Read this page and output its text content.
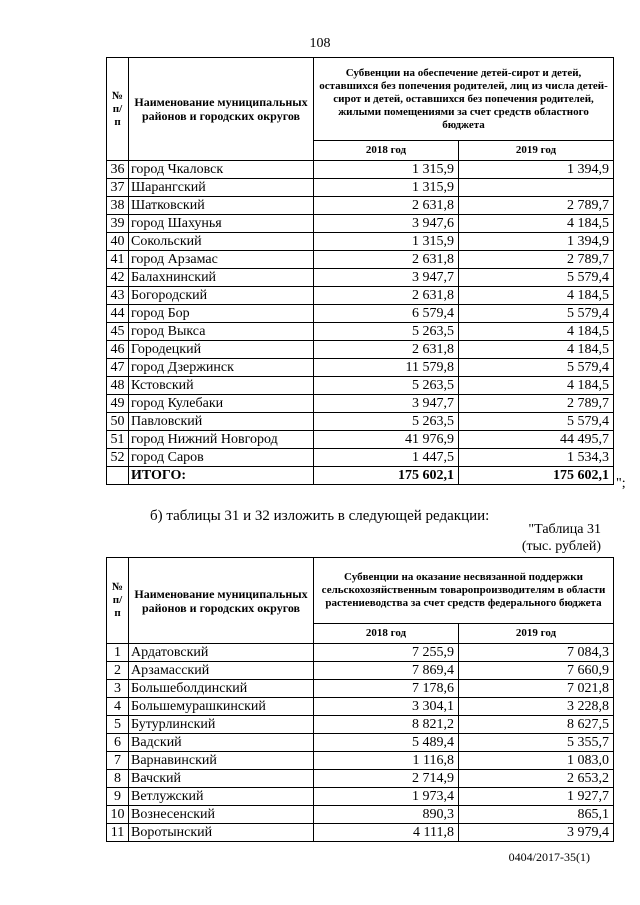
108
№ п/п	Наименование муниципальных районов и городских округов	Субвенции на обеспечение детей-сирот и детей, оставшихся без попечения родителей, лиц из числа детей-сирот и детей, оставшихся без попечения родителей, жилыми помещениями за счет средств областного бюджета	
		2018 год	2019 год
36	город Чкаловск	1 315,9	1 394,9
37	Шарангский	1 315,9	
38	Шатковский	2 631,8	2 789,7
39	город Шахунья	3 947,6	4 184,5
40	Сокольский	1 315,9	1 394,9
41	город Арзамас	2 631,8	2 789,7
42	Балахнинский	3 947,7	5 579,4
43	Богородский	2 631,8	4 184,5
44	город Бор	6 579,4	5 579,4
45	город Выкса	5 263,5	4 184,5
46	Городецкий	2 631,8	4 184,5
47	город Дзержинск	11 579,8	5 579,4
48	Кстовский	5 263,5	4 184,5
49	город Кулебаки	3 947,7	2 789,7
50	Павловский	5 263,5	5 579,4
51	город Нижний Новгород	41 976,9	44 495,7
52	город Саров	1 447,5	1 534,3
	ИТОГО:	175 602,1	175 602,1
";
б) таблицы 31 и 32 изложить в следующей редакции:
"Таблица 31
(тыс. рублей)
№ п/п	Наименование муниципальных районов и городских округов	Субвенции на оказание несвязанной поддержки сельскохозяйственным товаропроизводителям в области растениеводства за счет средств федерального бюджета	
		2018 год	2019 год
1	Ардатовский	7 255,9	7 084,3
2	Арзамасский	7 869,4	7 660,9
3	Большеболдинский	7 178,6	7 021,8
4	Большемурашкинский	3 304,1	3 228,8
5	Бутурлинский	8 821,2	8 627,5
6	Вадский	5 489,4	5 355,7
7	Варнавинский	1 116,8	1 083,0
8	Вачский	2 714,9	2 653,2
9	Ветлужский	1 973,4	1 927,7
10	Вознесенский	890,3	865,1
11	Воротынский	4 111,8	3 979,4
0404/2017-35(1)
